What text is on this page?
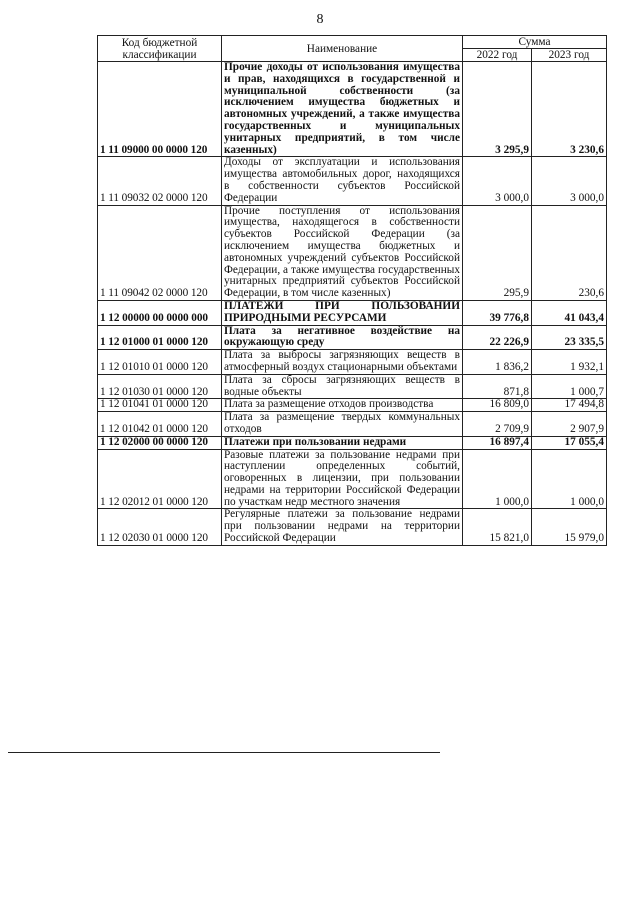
8
Код бюджетной классификации	Наименование	Сумма	
		2022 год	2023 год
1 11 09000 00 0000 120	Прочие доходы от использования имущества и прав, находящихся в государственной и муниципальной собственности (за исключением имущества бюджетных и автономных учреждений, а также имущества государственных и муниципальных унитарных предприятий, в том числе казенных)	3 295,9	3 230,6
1 11 09032 02 0000 120	Доходы от эксплуатации и использования имущества автомобильных дорог, находящихся в собственности субъектов Российской Федерации	3 000,0	3 000,0
1 11 09042 02 0000 120	Прочие поступления от использования имущества, находящегося в собственности субъектов Российской Федерации (за исключением имущества бюджетных и автономных учреждений субъектов Российской Федерации, а также имущества государственных унитарных предприятий субъектов Российской Федерации, в том числе казенных)	295,9	230,6
1 12 00000 00 0000 000	ПЛАТЕЖИ ПРИ ПОЛЬЗОВАНИИ ПРИРОДНЫМИ РЕСУРСАМИ	39 776,8	41 043,4
1 12 01000 01 0000 120	Плата за негативное воздействие на окружающую среду	22 226,9	23 335,5
1 12 01010 01 0000 120	Плата за выбросы загрязняющих веществ в атмосферный воздух стационарными объектами	1 836,2	1 932,1
1 12 01030 01 0000 120	Плата за сбросы загрязняющих веществ в водные объекты	871,8	1 000,7
1 12 01041 01 0000 120	Плата за размещение отходов производства	16 809,0	17 494,8
1 12 01042 01 0000 120	Плата за размещение твердых коммунальных отходов	2 709,9	2 907,9
1 12 02000 00 0000 120	Платежи при пользовании недрами	16 897,4	17 055,4
1 12 02012 01 0000 120	Разовые платежи за пользование недрами при наступлении определенных событий, оговоренных в лицензии, при пользовании недрами на территории Российской Федерации по участкам недр местного значения	1 000,0	1 000,0
1 12 02030 01 0000 120	Регулярные платежи за пользование недрами при пользовании недрами на территории Российской Федерации	15 821,0	15 979,0
